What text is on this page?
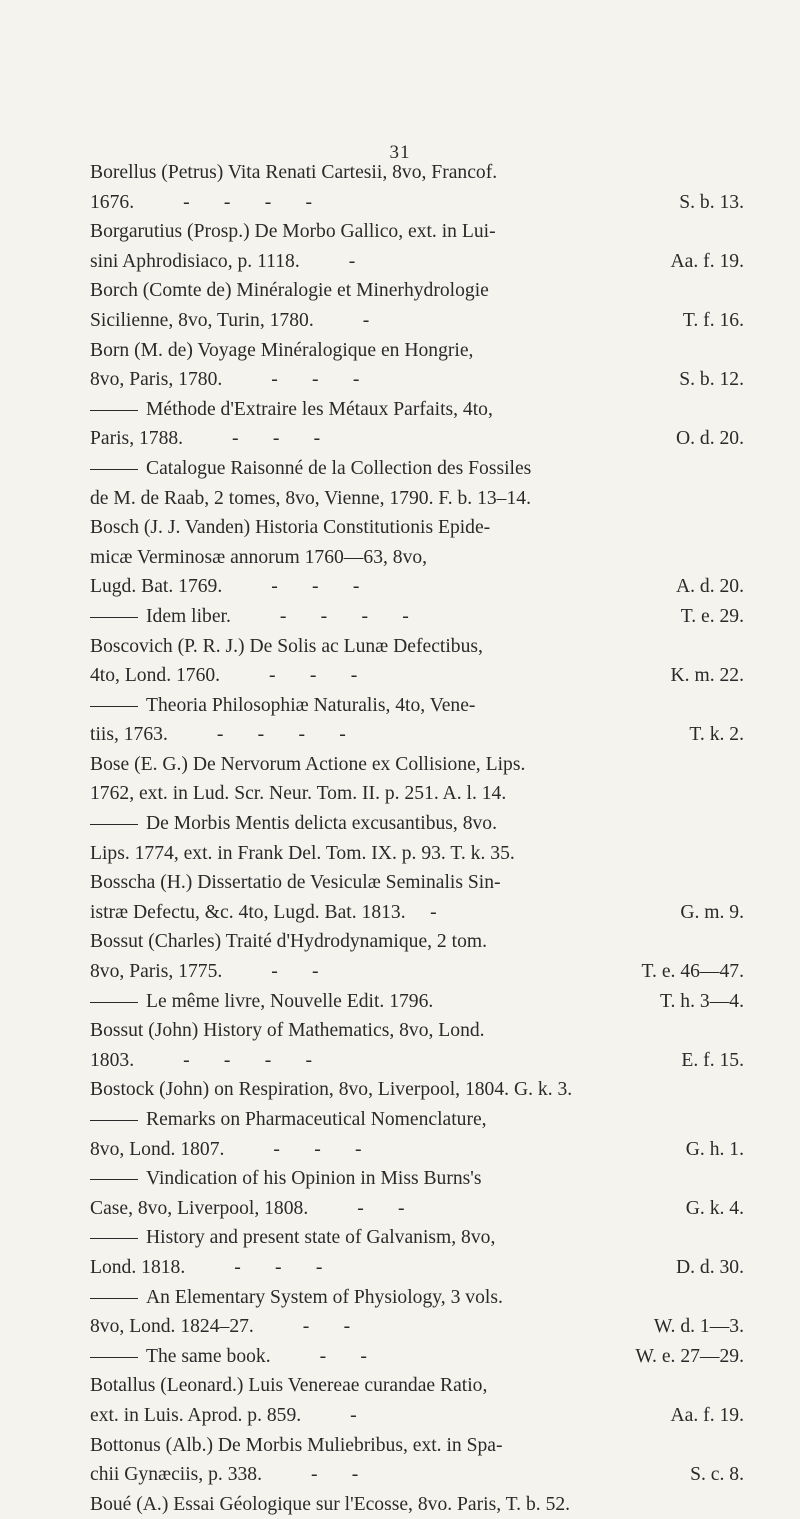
31
Borellus (Petrus) Vita Renati Cartesii, 8vo, Francof.
1676.          -       -       -       -	S. b. 13.
Borgarutius (Prosp.) De Morbo Gallico, ext. in Lui-
sini Aphrodisiaco, p. 1118.          -	Aa. f. 19.
Borch (Comte de) Minéralogie et Minerhydrologie
Sicilienne, 8vo, Turin, 1780.          -	T. f. 16.
Born (M. de) Voyage Minéralogique en Hongrie,
8vo, Paris, 1780.          -       -       -	S. b. 12.
Méthode d'Extraire les Métaux Parfaits, 4to,
Paris, 1788.          -       -       -	O. d. 20.
Catalogue Raisonné de la Collection des Fossiles
de M. de Raab, 2 tomes, 8vo, Vienne, 1790. F. b. 13–14.
Bosch (J. J. Vanden) Historia Constitutionis Epide-
micæ Verminosæ annorum 1760—63, 8vo,
Lugd. Bat. 1769.          -       -       -	A. d. 20.
Idem liber.          -       -       -       -	T. e. 29.
Boscovich (P. R. J.) De Solis ac Lunæ Defectibus,
4to, Lond. 1760.          -       -       -	K. m. 22.
Theoria Philosophiæ Naturalis, 4to, Vene-
tiis, 1763.          -       -       -       -	T. k. 2.
Bose (E. G.) De Nervorum Actione ex Collisione, Lips.
1762, ext. in Lud. Scr. Neur. Tom. II. p. 251. A. l. 14.
De Morbis Mentis delicta excusantibus, 8vo.
Lips. 1774, ext. in Frank Del. Tom. IX. p. 93. T. k. 35.
Bosscha (H.) Dissertatio de Vesiculæ Seminalis Sin-
istræ Defectu, &c. 4to, Lugd. Bat. 1813.     -	G. m. 9.
Bossut (Charles) Traité d'Hydrodynamique, 2 tom.
8vo, Paris, 1775.          -       -	T. e. 46—47.
Le même livre, Nouvelle Edit. 1796.	T. h. 3—4.
Bossut (John) History of Mathematics, 8vo, Lond.
1803.          -       -       -       -	E. f. 15.
Bostock (John) on Respiration, 8vo, Liverpool, 1804. G. k. 3.
Remarks on Pharmaceutical Nomenclature,
8vo, Lond. 1807.          -       -       -	G. h. 1.
Vindication of his Opinion in Miss Burns's
Case, 8vo, Liverpool, 1808.          -       -	G. k. 4.
History and present state of Galvanism, 8vo,
Lond. 1818.          -       -       -	D. d. 30.
An Elementary System of Physiology, 3 vols.
8vo, Lond. 1824–27.          -       -	W. d. 1—3.
The same book.          -       -	W. e. 27—29.
Botallus (Leonard.) Luis Venereae curandae Ratio,
ext. in Luis. Aprod. p. 859.          -	Aa. f. 19.
Bottonus (Alb.) De Morbis Muliebribus, ext. in Spa-
chii Gynæciis, p. 338.          -       -	S. c. 8.
Boué (A.) Essai Géologique sur l'Ecosse, 8vo. Paris, T. b. 52.
